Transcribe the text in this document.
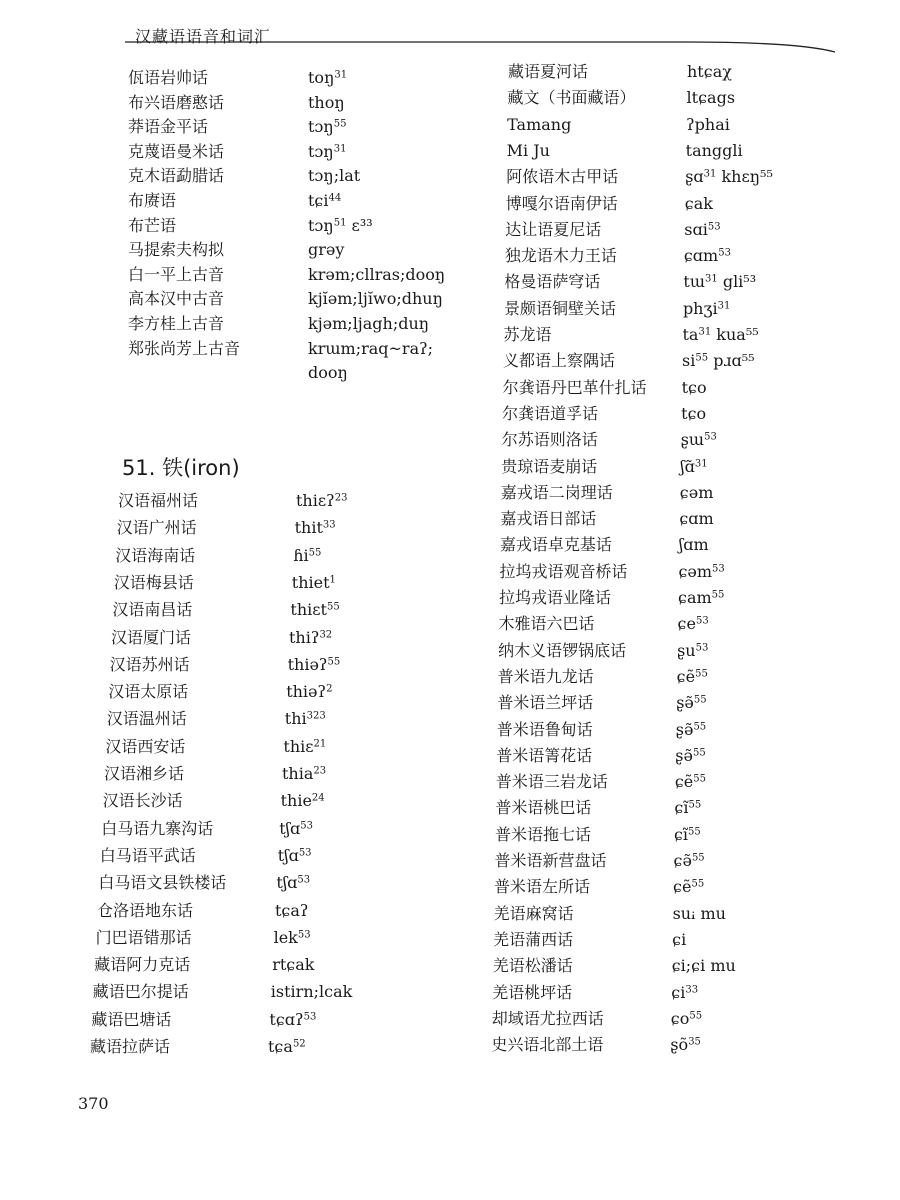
汉藏语语音和词汇
佤语岩帅话	toŋ$^{31}$
布兴语磨憨话	thoŋ
莽语金平话	tɔŋ$^{55}$
克蔑语曼米话	tɔŋ$^{31}$
克木语勐腊话	tɔŋ;lat
布赓语	tɕi$^{44}$
布芒语	tɔŋ$^{51}$ ɛ³³
马提索夫构拟	grəy
白一平上古音	krəm;cllras;dooŋ
高本汉中古音	kjĭəm;ljĭwo;dhuŋ
李方桂上古音	kjəm;ljagh;duŋ
郑张尚芳上古音	krɯm;raq~raʔ;
dooŋ
51. 铁(iron)
汉语福州话	thiɛʔ$^{23}$
汉语广州话	thit$^{33}$
汉语海南话	ɦi$^{55}$
汉语梅县话	thiet$^1$
汉语南昌话	thiɛt$^{55}$
汉语厦门话	thiʔ$^{32}$
汉语苏州话	thiəʔ$^{55}$
汉语太原话	thiəʔ$^2$
汉语温州话	thi$^{323}$
汉语西安话	thiɛ$^{21}$
汉语湘乡话	thia$^{23}$
汉语长沙话	thie$^{24}$
白马语九寨沟话	tʃɑ$^{53}$
白马语平武话	tʃɑ$^{53}$
白马语文县铁楼话	tʃɑ$^{53}$
仓洛语地东话	tɕaʔ
门巴语错那话	lek$^{53}$
藏语阿力克话	rtɕak
藏语巴尔提话	istirn;lcak
藏语巴塘话	tɕɑʔ$^{53}$
藏语拉萨话	tɕa$^{52}$
藏语夏河话	htɕaχ
藏文（书面藏语）	ltɕags
Tamang	ʔphai
Mi Ju	tanggli
阿侬语木古甲话	ʂɑ$^{31}$ khɛŋ⁵⁵
博嘎尔语南伊话	ɕak
达让语夏尼话	sɑi$^{53}$
独龙语木力王话	ɕɑm$^{53}$
格曼语萨穹话	tɯ$^{31}$ gli⁵³
景颇语铜壁关话	phʒi$^{31}$
苏龙语	$ta^{31}$ kua⁵⁵
义都语上察隅话	$si^{55}$ pɹɑ⁵⁵
尔龚语丹巴革什扎话 tɕo
尔龚语道孚话	tɕo
尔苏语则洛话	ʂɯ$^{53}$
贵琼语麦崩话	ʃɑ̃$^{31}$
嘉戎语二岗理话	ɕəm
嘉戎语日部话	ɕɑm
嘉戎语卓克基话	ʃɑm
拉坞戎语观音桥话	ɕəm$^{53}$
拉坞戎语业隆话	ɕam$^{55}$
木雅语六巴话	ɕe$^{53}$
纳木义语锣锅底话	ʂu$^{53}$
普米语九龙话	ɕẽ$^{55}$
普米语兰坪话	ʂə̃$^{55}$
普米语鲁甸话	ʂə̃$^{55}$
普米语箐花话	ʂə̃$^{55}$
普米语三岩龙话	ɕẽ$^{55}$
普米语桃巴话	ɕĩ$^{55}$
普米语拖七话	ɕĩ$^{55}$
普米语新营盘话	ɕə̃$^{55}$
普米语左所话	ɕẽ$^{55}$
羌语麻窝话	suꭵ mu
羌语蒲西话	ɕi
羌语松潘话	ɕi;ɕi mu
羌语桃坪话	ɕi$^{33}$
却域语尤拉西话	ɕo$^{55}$
史兴语北部土语	ʂõ$^{35}$
370
